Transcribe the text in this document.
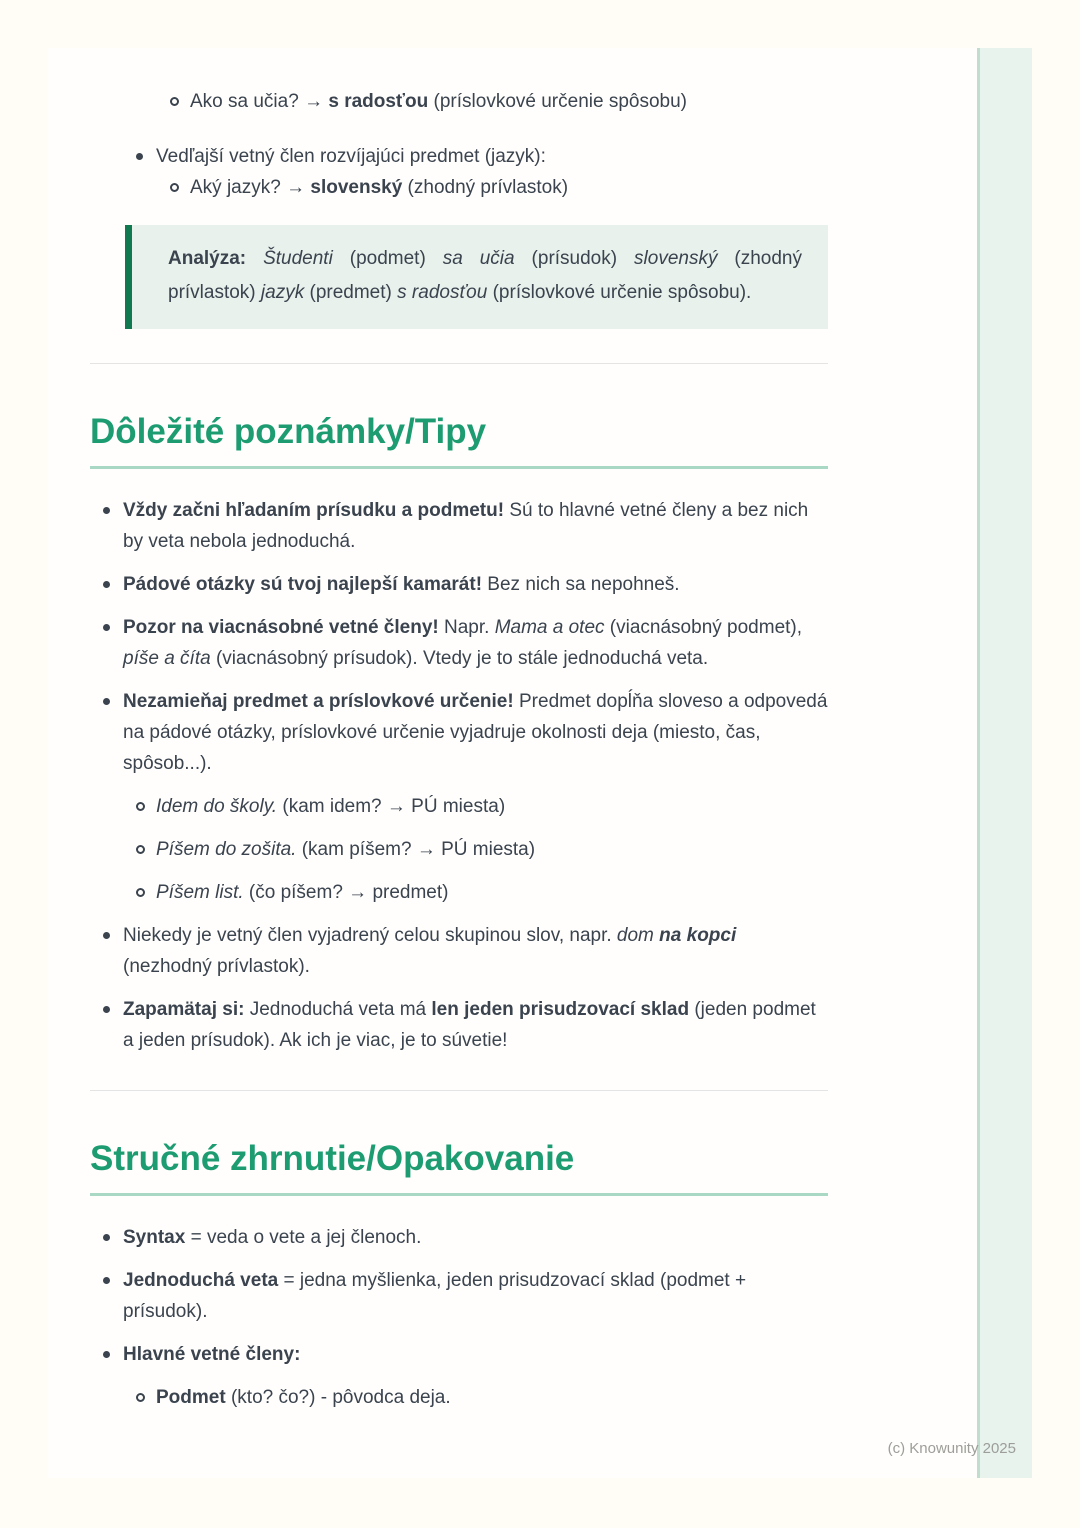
Ako sa učia? → s radosťou (príslovkové určenie spôsobu)
Vedľajší vetný člen rozvíjajúci predmet (jazyk):
Aký jazyk? → slovenský (zhodný prívlastok)

Analýza: Študenti (podmet) sa učia (prísudok) slovenský (zhodný prívlastok) jazyk (predmet) s radosťou (príslovkové určenie spôsobu).

Dôležité poznámky/Tipy
Vždy začni hľadaním prísudku a podmetu! Sú to hlavné vetné členy a bez nich by veta nebola jednoduchá.
Pádové otázky sú tvoj najlepší kamarát! Bez nich sa nepohneš.
Pozor na viacnásobné vetné členy! Napr. Mama a otec (viacnásobný podmet), píše a číta (viacnásobný prísudok). Vtedy je to stále jednoduchá veta.
Nezamieňaj predmet a príslovkové určenie! Predmet dopĺňa sloveso a odpovedá na pádové otázky, príslovkové určenie vyjadruje okolnosti deja (miesto, čas, spôsob...).
Idem do školy. (kam idem? → PÚ miesta)
Píšem do zošita. (kam píšem? → PÚ miesta)
Píšem list. (čo píšem? → predmet)
Niekedy je vetný člen vyjadrený celou skupinou slov, napr. dom na kopci (nezhodný prívlastok).
Zapamätaj si: Jednoduchá veta má len jeden prisudzovací sklad (jeden podmet a jeden prísudok). Ak ich je viac, je to súvetie!
Stručné zhrnutie/Opakovanie
Syntax = veda o vete a jej členoch.
Jednoduchá veta = jedna myšlienka, jeden prisudzovací sklad (podmet + prísudok).
Hlavné vetné členy:
Podmet (kto? čo?) - pôvodca deja.
(c) Knowunity 2025
